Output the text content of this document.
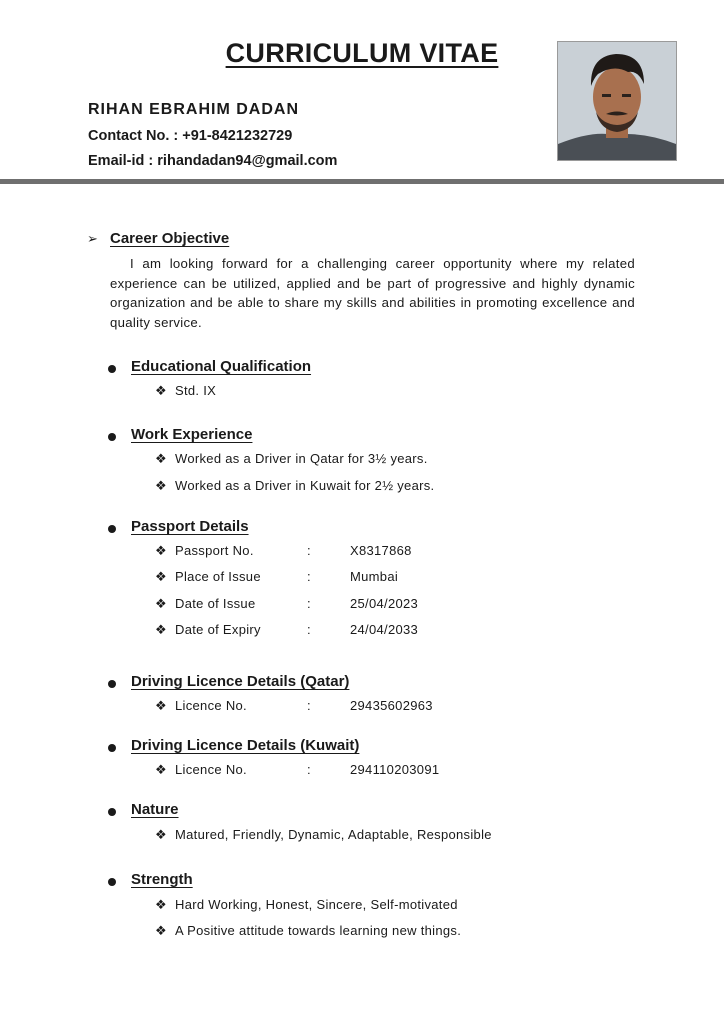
CURRICULUM VITAE
RIHAN EBRAHIM DADAN
Contact No. : +91-8421232729
Email-id : rihandadan94@gmail.com
➢ Career Objective
I am looking forward for a challenging career opportunity where my related experience can be utilized, applied and be part of progressive and highly dynamic organization and be able to share my skills and abilities in promoting excellence and quality service.
Educational Qualification
❖ Std. IX
Work Experience
❖ Worked as a Driver in Qatar for 3½ years.
❖ Worked as a Driver in Kuwait for 2½ years.
Passport Details
❖ Passport No.	:	X8317868
❖ Place of Issue	:	Mumbai
❖ Date of Issue	:	25/04/2023
❖ Date of Expiry	:	24/04/2033
Driving Licence Details (Qatar)
❖ Licence No.	:	29435602963
Driving Licence Details (Kuwait)
❖ Licence No.	:	294110203091
Nature
❖ Matured, Friendly, Dynamic, Adaptable, Responsible
Strength
❖ Hard Working, Honest, Sincere, Self-motivated
❖ A Positive attitude towards learning new things.
